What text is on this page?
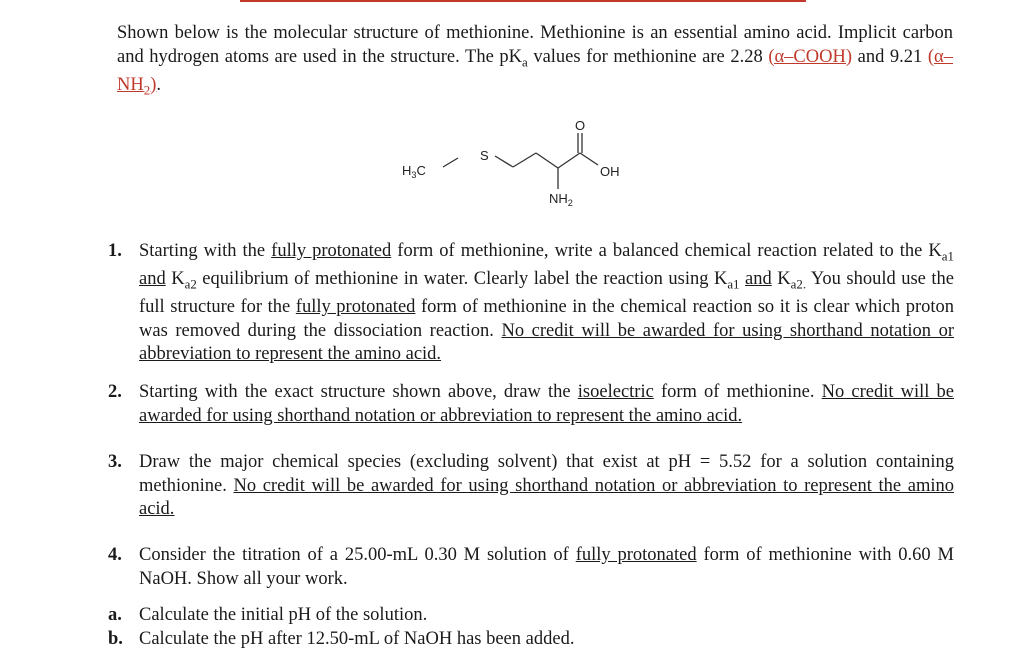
Shown below is the molecular structure of methionine. Methionine is an essential amino acid. Implicit carbon and hydrogen atoms are used in the structure. The $pK_a$ values for methionine are 2.28 (α–COOH) and 9.21 $(\alpha-NH_2)$.
$H_3C$
S
O
OH
$NH_2$
1. Starting with the fully protonated form of methionine, write a balanced chemical reaction related to the $K_{a1}$ and $K_{a2}$ equilibrium of methionine in water. Clearly label the reaction using $K_{a1}$ and $K_{a2.}$ You should use the full structure for the fully protonated form of methionine in the chemical reaction so it is clear which proton was removed during the dissociation reaction. No credit will be awarded for using shorthand notation or abbreviation to represent the amino acid.
2. Starting with the exact structure shown above, draw the isoelectric form of methionine. No credit will be awarded for using shorthand notation or abbreviation to represent the amino acid.
3. Draw the major chemical species (excluding solvent) that exist at pH = 5.52 for a solution containing methionine. No credit will be awarded for using shorthand notation or abbreviation to represent the amino acid.
4. Consider the titration of a 25.00-mL 0.30 M solution of fully protonated form of methionine with 0.60 M NaOH. Show all your work.
a. Calculate the initial pH of the solution.
b. Calculate the pH after 12.50-mL of NaOH has been added.
